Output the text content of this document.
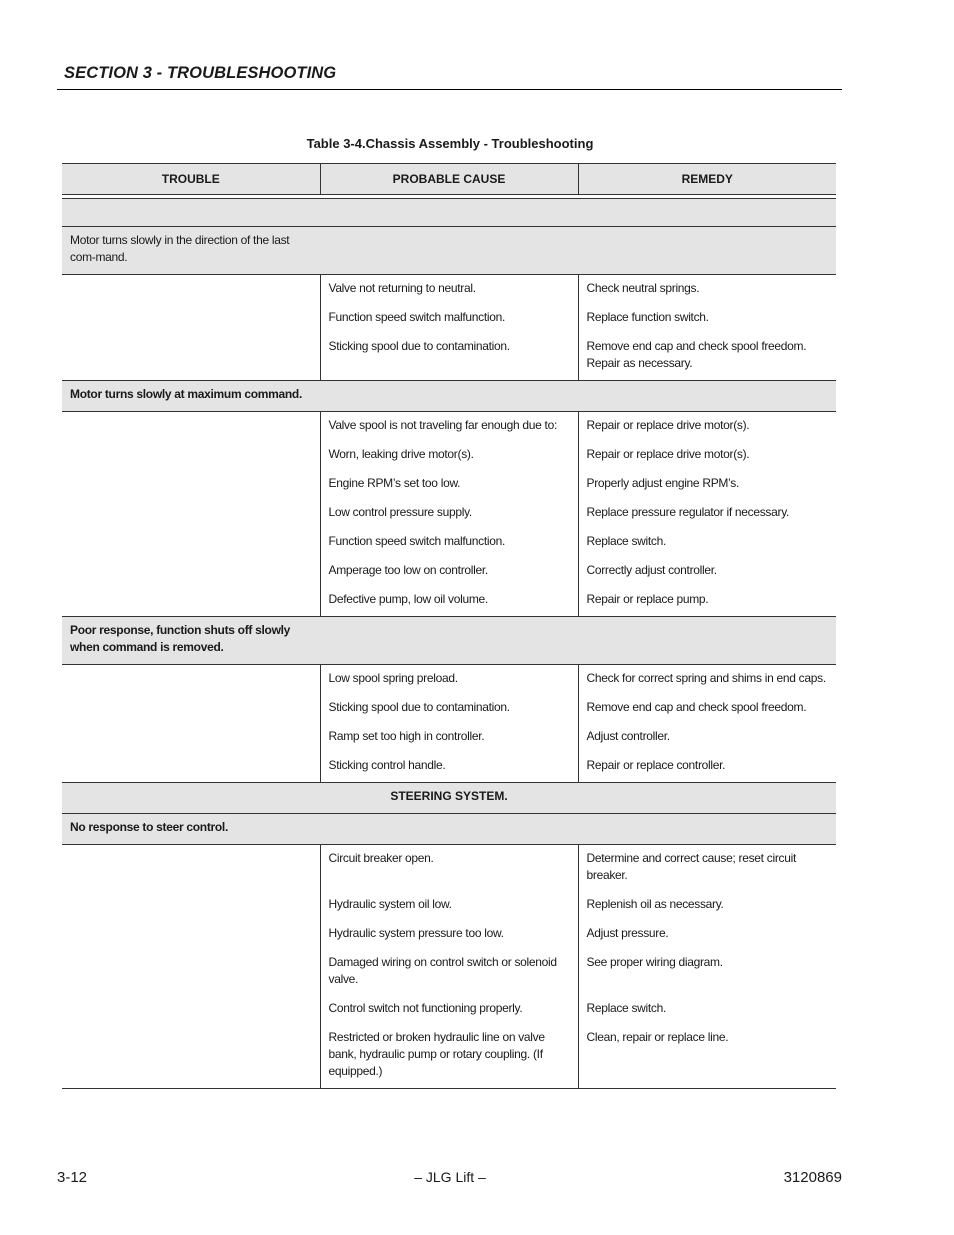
SECTION 3 - TROUBLESHOOTING
Table 3-4.Chassis Assembly - Troubleshooting
TROUBLE	PROBABLE CAUSE	REMEDY

Motor turns slowly in the direction of the last com-mand.		

	Valve not returning to neutral.	Check neutral springs.
	Function speed switch malfunction.	Replace function switch.
	Sticking spool due to contamination.	Remove end cap and check spool freedom. Repair as necessary.

Motor turns slowly at maximum command.		

	Valve spool is not traveling far enough due to:	Repair or replace drive motor(s).
	Worn, leaking drive motor(s).	Repair or replace drive motor(s).
	Engine RPM’s set too low.	Properly adjust engine RPM’s.
	Low control pressure supply.	Replace pressure regulator if necessary.
	Function speed switch malfunction.	Replace switch.
	Amperage too low on controller.	Correctly adjust controller.
	Defective pump, low oil volume.	Repair or replace pump.

Poor response, function shuts off slowly when command is removed.		

	Low spool spring preload.	Check for correct spring and shims in end caps.
	Sticking spool due to contamination.	Remove end cap and check spool freedom.
	Ramp set too high in controller.	Adjust controller.
	Sticking control handle.	Repair or replace controller.
STEERING SYSTEM.		

No response to steer control.		

	Circuit breaker open.	Determine and correct cause; reset circuit breaker.
	Hydraulic system oil low.	Replenish oil as necessary.
	Hydraulic system pressure too low.	Adjust pressure.
	Damaged wiring on control switch or solenoid valve.	See proper wiring diagram.
	Control switch not functioning properly.	Replace switch.
	Restricted or broken hydraulic line on valve bank, hydraulic pump or rotary coupling. (If equipped.)	Clean, repair or replace line.
3-12	– JLG Lift –	3120869
